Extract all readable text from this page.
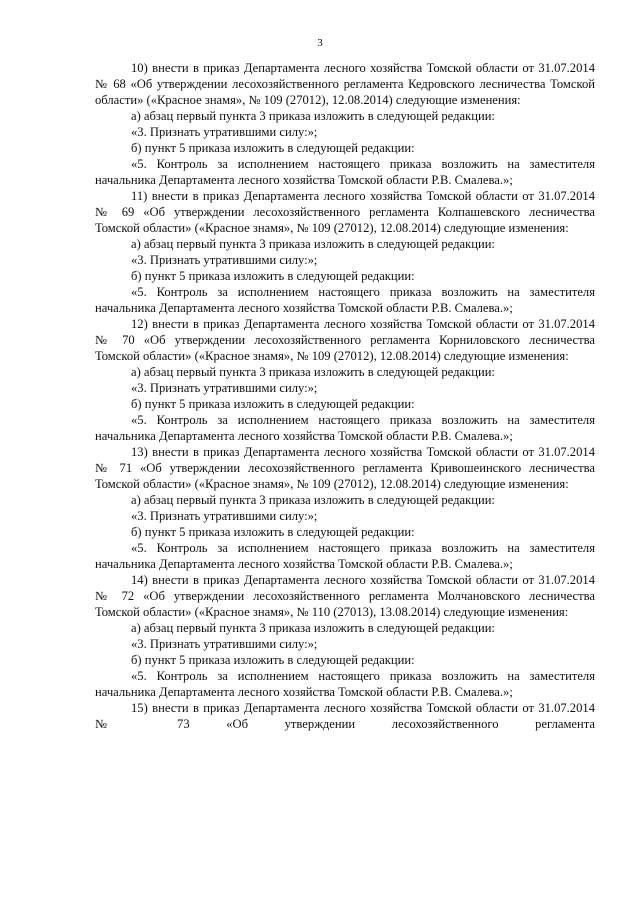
3

10) внести в приказ Департамента лесного хозяйства Томской области от 31.07.2014 № 68 «Об утверждении лесохозяйственного регламента Кедровского лесничества Томской области» («Красное знамя», № 109 (27012), 12.08.2014) следующие изменения:

а) абзац первый пункта 3 приказа изложить в следующей редакции:

«3. Признать утратившими силу:»;

б) пункт 5 приказа изложить в следующей редакции:

«5. Контроль за исполнением настоящего приказа возложить на заместителя начальника Департамента лесного хозяйства Томской области Р.В. Смалева.»;

11) внести в приказ Департамента лесного хозяйства Томской области от 31.07.2014 № 69 «Об утверждении лесохозяйственного регламента Колпашевского лесничества Томской области» («Красное знамя», № 109 (27012), 12.08.2014) следующие изменения:

а) абзац первый пункта 3 приказа изложить в следующей редакции:

«3. Признать утратившими силу:»;

б) пункт 5 приказа изложить в следующей редакции:

«5. Контроль за исполнением настоящего приказа возложить на заместителя начальника Департамента лесного хозяйства Томской области Р.В. Смалева.»;

12) внести в приказ Департамента лесного хозяйства Томской области от 31.07.2014 № 70 «Об утверждении лесохозяйственного регламента Корниловского лесничества Томской области» («Красное знамя», № 109 (27012), 12.08.2014) следующие изменения:

а) абзац первый пункта 3 приказа изложить в следующей редакции:

«3. Признать утратившими силу:»;

б) пункт 5 приказа изложить в следующей редакции:

«5. Контроль за исполнением настоящего приказа возложить на заместителя начальника Департамента лесного хозяйства Томской области Р.В. Смалева.»;

13) внести в приказ Департамента лесного хозяйства Томской области от 31.07.2014 № 71 «Об утверждении лесохозяйственного регламента Кривошеинского лесничества Томской области» («Красное знамя», № 109 (27012), 12.08.2014) следующие изменения:

а) абзац первый пункта 3 приказа изложить в следующей редакции:

«3. Признать утратившими силу:»;

б) пункт 5 приказа изложить в следующей редакции:

«5. Контроль за исполнением настоящего приказа возложить на заместителя начальника Департамента лесного хозяйства Томской области Р.В. Смалева.»;

14) внести в приказ Департамента лесного хозяйства Томской области от 31.07.2014 № 72 «Об утверждении лесохозяйственного регламента Молчановского лесничества Томской области» («Красное знамя», № 110 (27013), 13.08.2014) следующие изменения:

а) абзац первый пункта 3 приказа изложить в следующей редакции:

«3. Признать утратившими силу:»;

б) пункт 5 приказа изложить в следующей редакции:

«5. Контроль за исполнением настоящего приказа возложить на заместителя начальника Департамента лесного хозяйства Томской области Р.В. Смалева.»;

15) внести в приказ Департамента лесного хозяйства Томской области от 31.07.2014 № 73 «Об утверждении лесохозяйственного регламента
